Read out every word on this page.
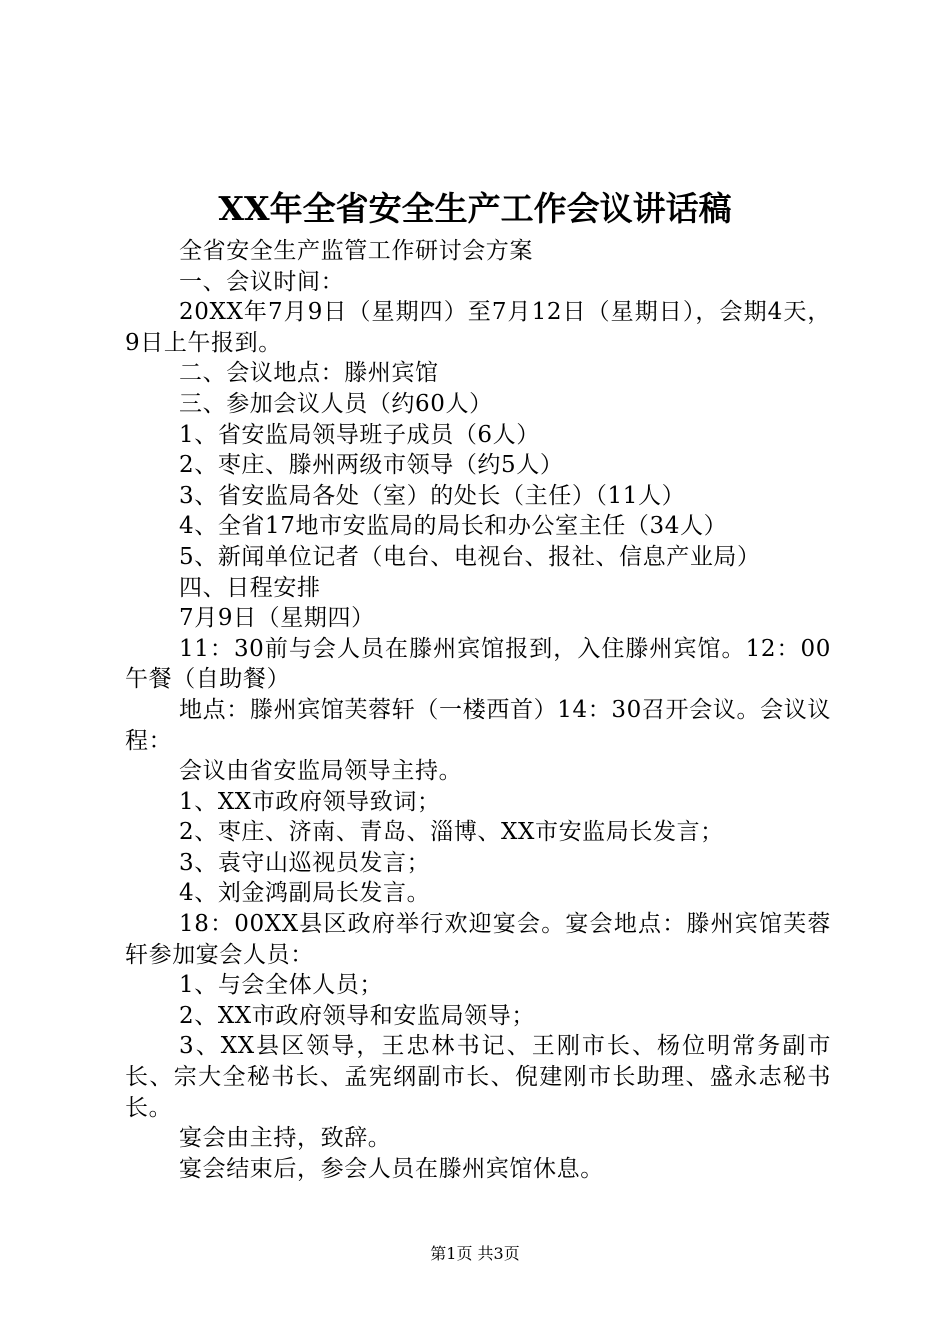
XX年全省安全生产工作会议讲话稿

全省安全生产监管工作研讨会方案

一、会议时间：

20XX年7月9日（星期四）至7月12日（星期日），会期4天，9日上午报到。

二、会议地点：滕州宾馆

三、参加会议人员（约60人）

1、省安监局领导班子成员（6人）

2、枣庄、滕州两级市领导（约5人）

3、省安监局各处（室）的处长（主任）（11人）

4、全省17地市安监局的局长和办公室主任（34人）

5、新闻单位记者（电台、电视台、报社、信息产业局）

四、日程安排

7月9日（星期四）

11：30前与会人员在滕州宾馆报到，入住滕州宾馆。12：00午餐（自助餐）

地点：滕州宾馆芙蓉轩（一楼西首）14：30召开会议。会议议程：

会议由省安监局领导主持。

1、XX市政府领导致词；

2、枣庄、济南、青岛、淄博、XX市安监局长发言；

3、袁守山巡视员发言；

4、刘金鸿副局长发言。

18：00XX县区政府举行欢迎宴会。宴会地点：滕州宾馆芙蓉轩参加宴会人员：

1、与会全体人员；

2、XX市政府领导和安监局领导；

3、XX县区领导，王忠林书记、王刚市长、杨位明常务副市长、宗大全秘书长、孟宪纲副市长、倪建刚市长助理、盛永志秘书长。

宴会由主持，致辞。

宴会结束后，参会人员在滕州宾馆休息。

第1页 共3页
